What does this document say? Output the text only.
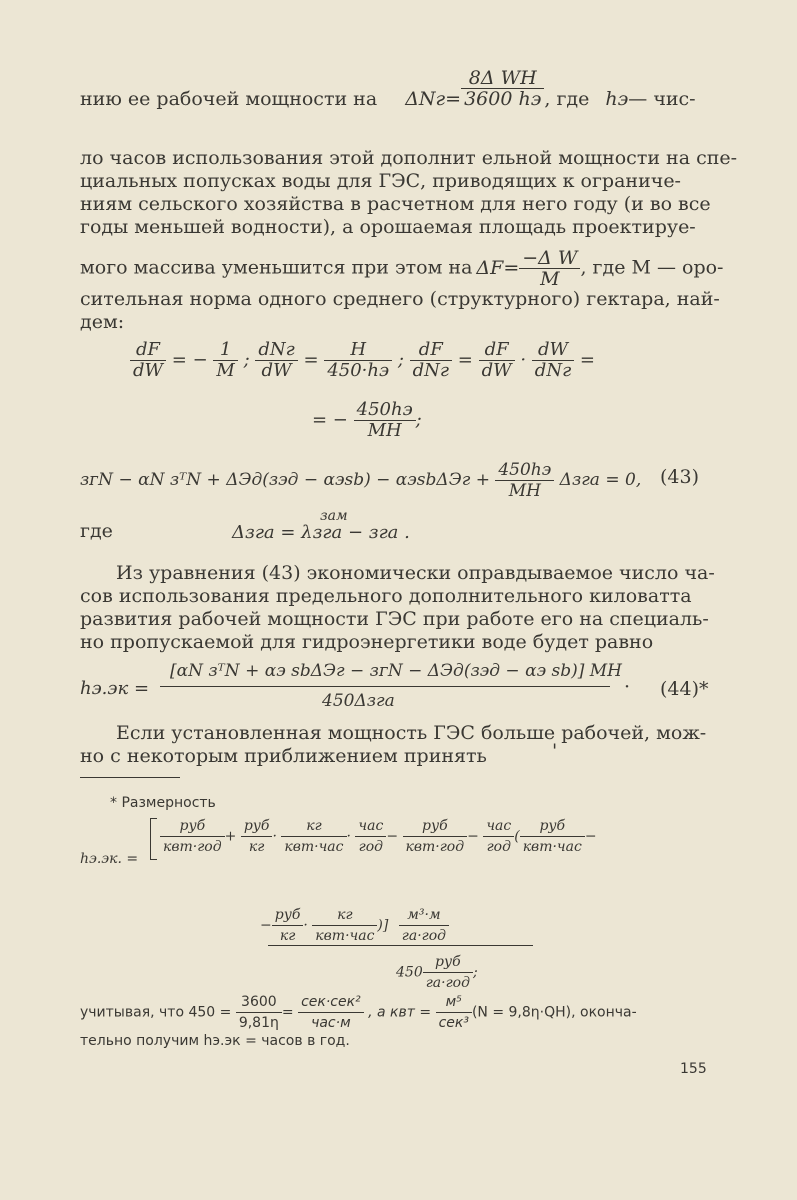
нию ее рабочей мощности на ΔNг=
8Δ WH
3600 hэ , где hэ— чис-
ло часов использования этой дополнит ельной мощности на спе-
циальных попусках воды для ГЭС, приводящих к ограниче-
ниям сельского хозяйства в расчетном для него году (и во все
годы меньшей водности), а орошаемая площадь проектируе-
мого массива уменьшится при этом на $\Delta F= \frac{\text{−Δ W}}{M}$ , где M — оро-
сительная норма одного среднего (структурного) гектара, най-
дем:
$\frac{dF}{dW}$ = − $\frac{1}{M}$ ; dNг
dW =	H
450·hэ ; dF
dNг = $\frac{dF}{dW}$ · dW
dNг =
= − 450hэ
MH ;
зᴦN − αN зᵀN + ΔЭд(зэд − αэsb) − αэsbΔЭг + 450hэ
MH
Δзга = 0, (43)
где
зам
Δзга = λзга − зга .
Из уравнения (43) экономически оправдываемое число ча-
сов использования предельного дополнительного киловатта
развития рабочей мощности ГЭС при работе его на специаль-
но пропускаемой для гидроэнергетики воде будет равно
hэ.эк =
[αN зᵀN + αэ sbΔЭг − зᴦN − ΔЭд(зэд − αэ sb)] MH
450Δзга
· (44)*
Если установленная мощность ГЭС больше рабочей, мож-
но с некоторым приближением принять	'
* Размерность
hэ.эк. =
руб
квт·год
+
руб
кг
·
кг
квт·час
·
час
год
−
руб
квт·год
−
час
год
(
руб
квт·час
−
−
руб
кг
·
кг
квт·час
)]
м³·м
га·год
450
руб
га·год
;
учитывая, что $450 = \frac{3600}{9,81\eta}$ =
сек·сек²
час·м
, а квт =
м⁵
сек³
(N = 9,8η·QH), оконча-
тельно получим hэ.эк = часов в год.
155
